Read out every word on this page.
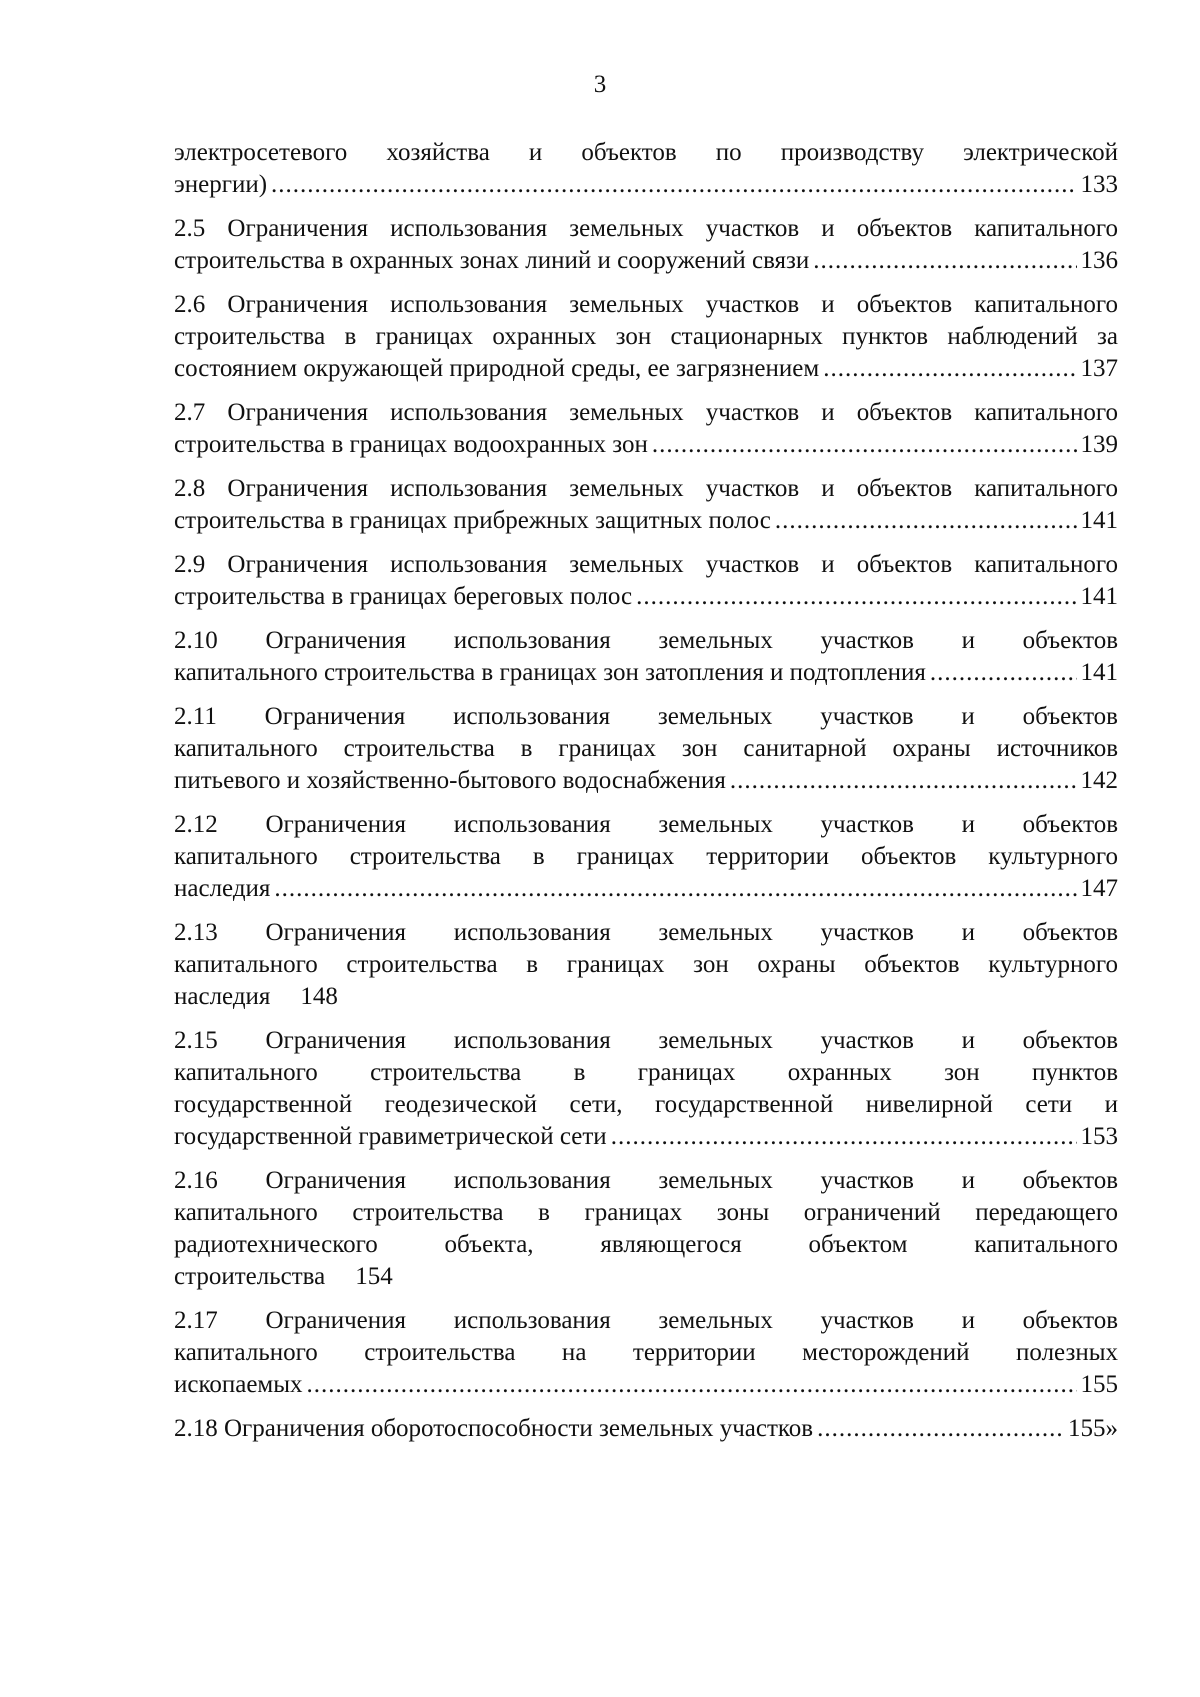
3
электросетевого хозяйства и объектов по производству электрической
энергии) .....	133
2.5 Ограничения использования земельных участков и объектов капитального
строительства в охранных зонах линий и сооружений связи .....	136
2.6 Ограничения использования земельных участков и объектов капитального
строительства в границах охранных зон стационарных пунктов наблюдений за
состоянием окружающей природной среды, ее загрязнением .....	137
2.7 Ограничения использования земельных участков и объектов капитального
строительства в границах водоохранных зон .....	139
2.8 Ограничения использования земельных участков и объектов капитального
строительства в границах прибрежных защитных полос .....	141
2.9 Ограничения использования земельных участков и объектов капитального
строительства в границах береговых полос .....	141
2.10 Ограничения использования земельных участков и объектов
капитального строительства в границах зон затопления и подтопления .....	141
2.11 Ограничения использования земельных участков и объектов
капитального строительства в границах зон санитарной охраны источников
питьевого и хозяйственно-бытового водоснабжения .....	142
2.12 Ограничения использования земельных участков и объектов
капитального строительства в границах территории объектов культурного
наследия .....	147
2.13 Ограничения использования земельных участков и объектов
капитального строительства в границах зон охраны объектов культурного
наследия 148
2.15 Ограничения использования земельных участков и объектов
капитального строительства в границах охранных зон пунктов
государственной геодезической сети, государственной нивелирной сети и
государственной гравиметрической сети .....	153
2.16 Ограничения использования земельных участков и объектов
капитального строительства в границах зоны ограничений передающего
радиотехнического объекта, являющегося объектом капитального
строительства 154
2.17 Ограничения использования земельных участков и объектов
капитального строительства на территории месторождений полезных
ископаемых .....	155
2.18 Ограничения оборотоспособности земельных участков .....	155»
